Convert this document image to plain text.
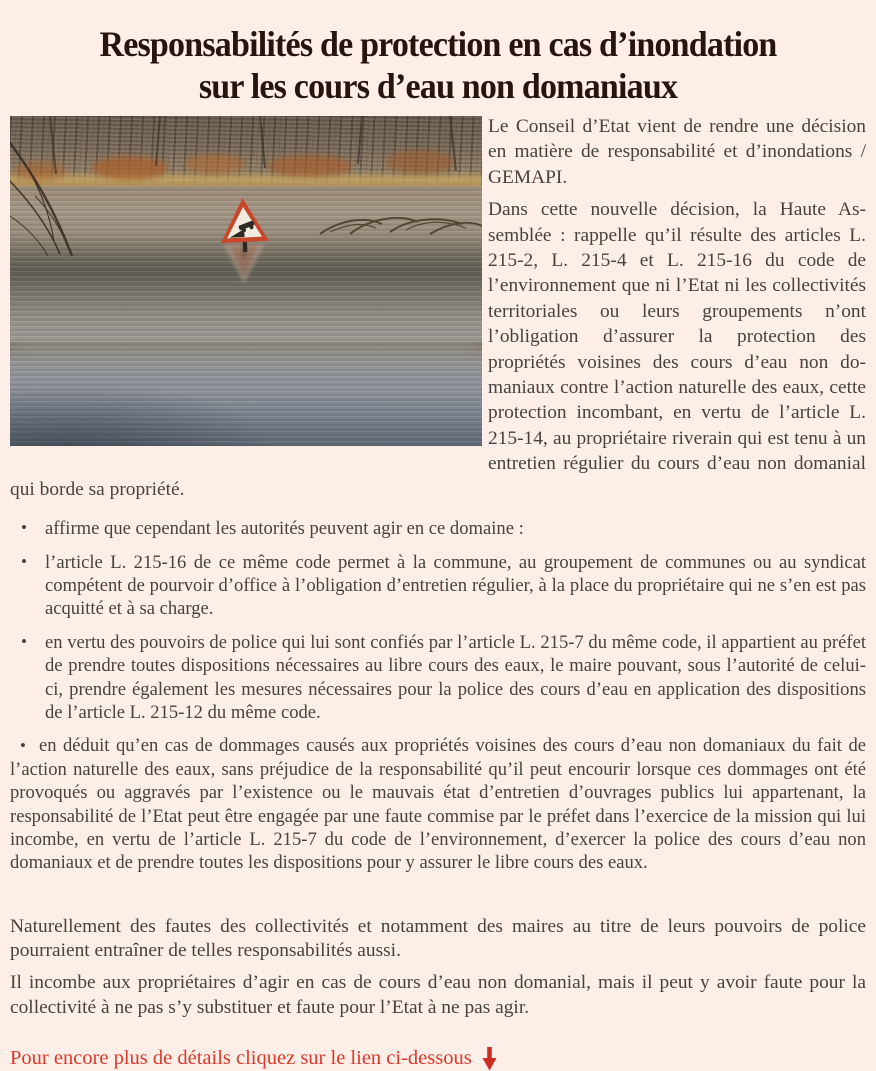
Responsabilités de protection en cas d’inondation
sur les cours d’eau non domaniaux

Le Conseil d’Etat vient de rendre une décision en matière de responsabilité et d’inondations / GEMAPI.

Dans cette nouvelle décision, la Haute Assemblée : rappelle qu’il résulte des articles L. 215-2, L. 215-4 et L. 215-16 du code de l’environnement que ni l’Etat ni les collectivités territoriales ou leurs groupements n’ont l’obligation d’assurer la protection des propriétés voisines des cours d’eau non domaniaux contre l’action naturelle des eaux, cette protection incombant, en vertu de l’article L. 215-14, au propriétaire riverain qui est tenu à un entretien régulier du cours d’eau non domanial qui borde sa propriété.

• affirme que cependant les autorités peuvent agir en ce domaine :
• l’article L. 215-16 de ce même code permet à la commune, au groupement de communes ou au syndicat compétent de pourvoir d’office à l’obligation d’entretien régulier, à la place du propriétaire qui ne s’en est pas acquitté et à sa charge.
• en vertu des pouvoirs de police qui lui sont confiés par l’article L. 215-7 du même code, il appartient au préfet de prendre toutes dispositions nécessaires au libre cours des eaux, le maire pouvant, sous l’autorité de celui-ci, prendre également les mesures nécessaires pour la police des cours d’eau en application des dispositions de l’article L. 215-12 du même code.
• en déduit qu’en cas de dommages causés aux propriétés voisines des cours d’eau non domaniaux du fait de l’action naturelle des eaux, sans préjudice de la responsabilité qu’il peut encourir lorsque ces dommages ont été provoqués ou aggravés par l’existence ou le mauvais état d’entretien d’ouvrages publics lui appartenant, la responsabilité de l’Etat peut être engagée par une faute commise par le préfet dans l’exercice de la mission qui lui incombe, en vertu de l’article L. 215-7 du code de l’environnement, d’exercer la police des cours d’eau non domaniaux et de prendre toutes les dispositions pour y assurer le libre cours des eaux.

Naturellement des fautes des collectivités et notamment des maires au titre de leurs pouvoirs de police pourraient entraîner de telles responsabilités aussi.

Il incombe aux propriétaires d’agir en cas de cours d’eau non domanial, mais il peut y avoir faute pour la collectivité à ne pas s’y substituer et faute pour l’Etat à ne pas agir.

Pour encore plus de détails cliquez sur le lien ci-dessous
